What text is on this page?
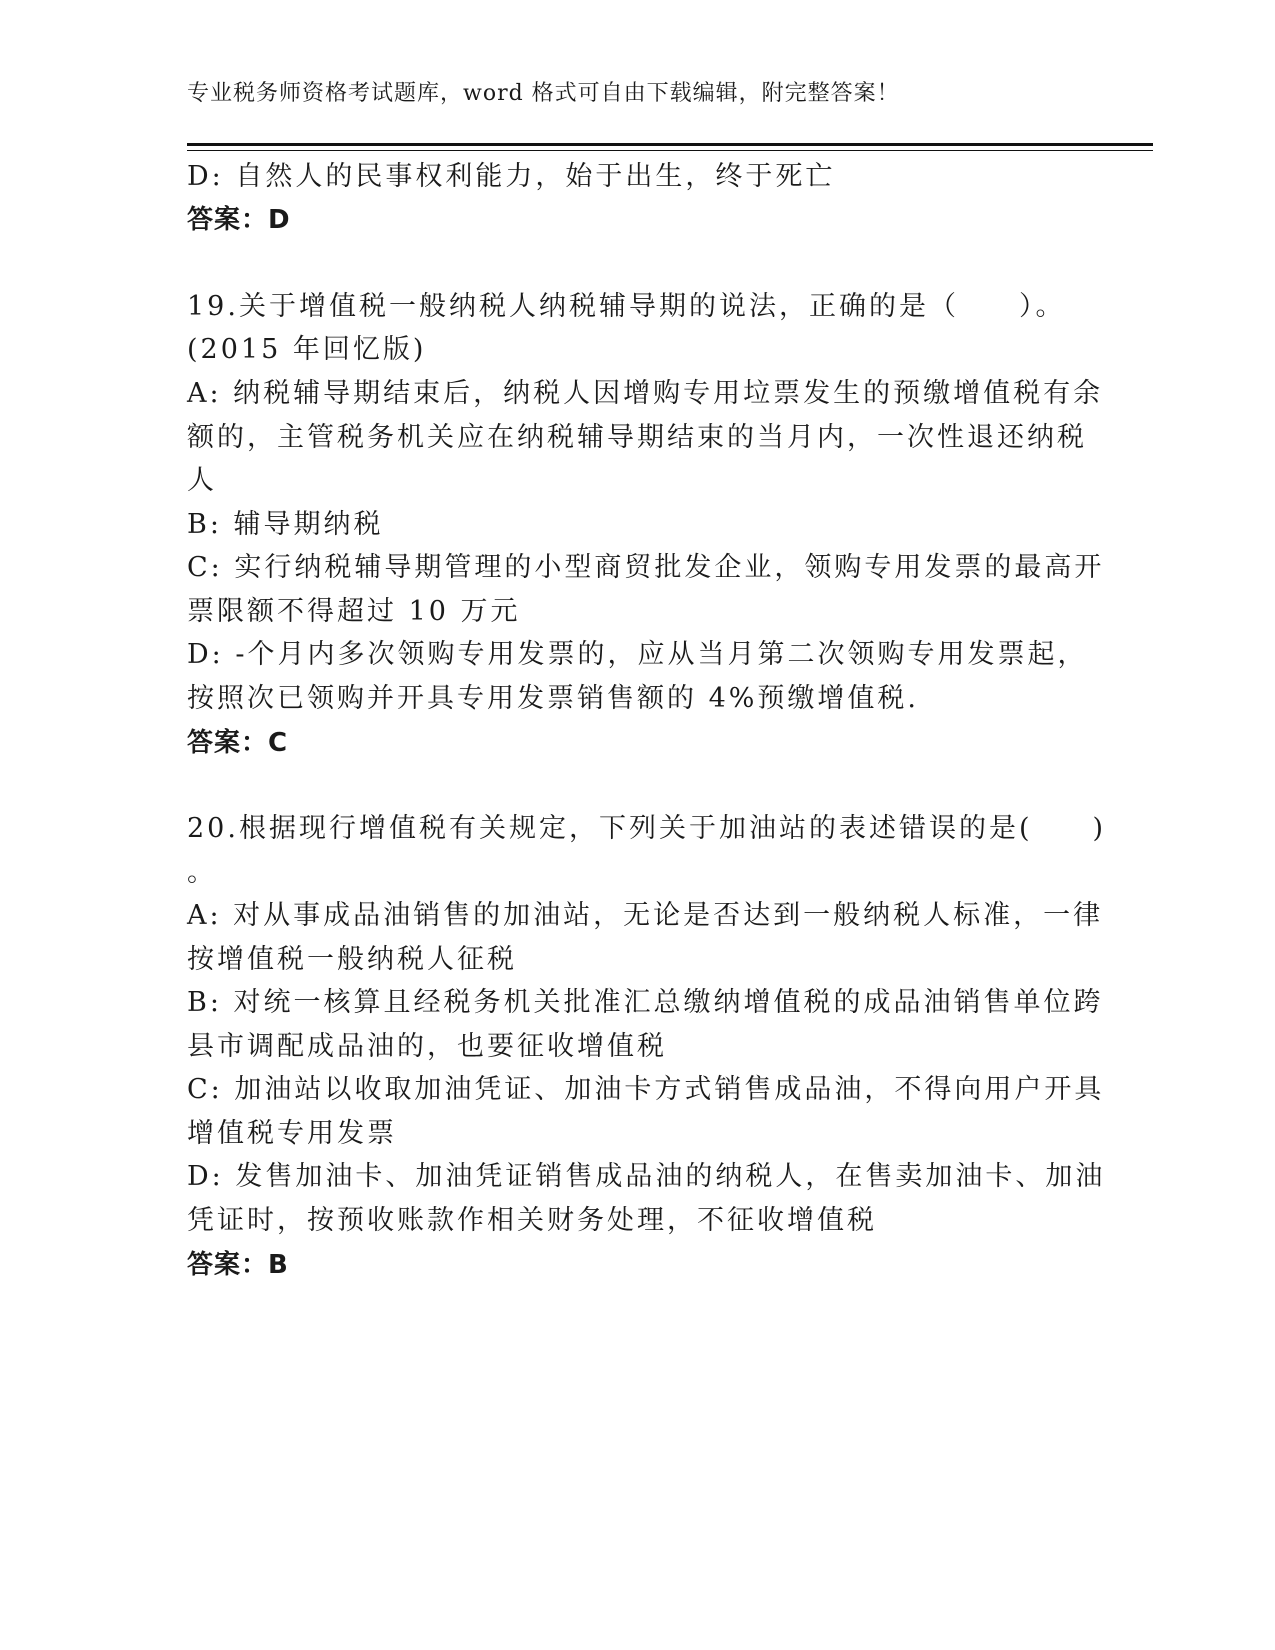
专业税务师资格考试题库，word 格式可自由下载编辑，附完整答案！
D: 自然人的民事权利能力，始于出生，终于死亡
答案：D
19.关于增值税一般纳税人纳税辅导期的说法，正确的是（　　）。
(2015 年回忆版)
A: 纳税辅导期结束后，纳税人因增购专用垃票发生的预缴增值税有余
额的，主管税务机关应在纳税辅导期结束的当月内，一次性退还纳税
人
B: 辅导期纳税
C: 实行纳税辅导期管理的小型商贸批发企业，领购专用发票的最高开
票限额不得超过 10 万元
D: -个月内多次领购专用发票的，应从当月第二次领购专用发票起，
按照次已领购并开具专用发票销售额的 4%预缴增值税.
答案：C
20.根据现行增值税有关规定，下列关于加油站的表述错误的是(　　)
。
A: 对从事成品油销售的加油站，无论是否达到一般纳税人标准，一律
按增值税一般纳税人征税
B: 对统一核算且经税务机关批准汇总缴纳增值税的成品油销售单位跨
县市调配成品油的，也要征收增值税
C: 加油站以收取加油凭证、加油卡方式销售成品油，不得向用户开具
增值税专用发票
D: 发售加油卡、加油凭证销售成品油的纳税人，在售卖加油卡、加油
凭证时，按预收账款作相关财务处理，不征收增值税
答案：B
